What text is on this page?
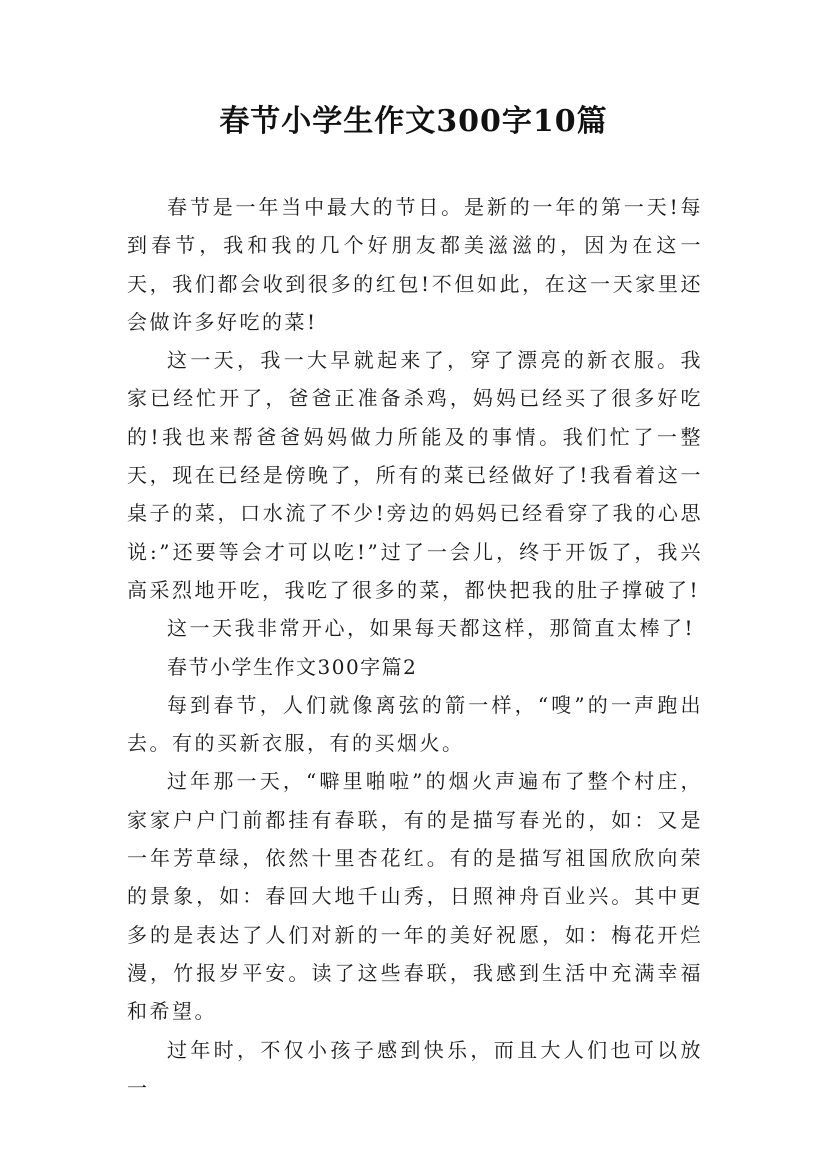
春节小学生作文300字10篇

春节是一年当中最大的节日。是新的一年的第一天!每到春节，我和我的几个好朋友都美滋滋的，因为在这一天，我们都会收到很多的红包!不但如此，在这一天家里还会做许多好吃的菜!

这一天，我一大早就起来了，穿了漂亮的新衣服。我家已经忙开了，爸爸正准备杀鸡，妈妈已经买了很多好吃的!我也来帮爸爸妈妈做力所能及的事情。我们忙了一整天，现在已经是傍晚了，所有的菜已经做好了!我看着这一桌子的菜，口水流了不少!旁边的妈妈已经看穿了我的心思说:”还要等会才可以吃!”过了一会儿，终于开饭了，我兴高采烈地开吃，我吃了很多的菜，都快把我的肚子撑破了!

这一天我非常开心，如果每天都这样，那简直太棒了!

春节小学生作文300字篇2

每到春节，人们就像离弦的箭一样，“嗖”的一声跑出去。有的买新衣服，有的买烟火。

过年那一天，“噼里啪啦”的烟火声遍布了整个村庄，家家户户门前都挂有春联，有的是描写春光的，如：又是一年芳草绿，依然十里杏花红。有的是描写祖国欣欣向荣的景象，如：春回大地千山秀，日照神舟百业兴。其中更多的是表达了人们对新的一年的美好祝愿，如：梅花开烂漫，竹报岁平安。读了这些春联，我感到生活中充满幸福和希望。

过年时，不仅小孩子感到快乐，而且大人们也可以放一
